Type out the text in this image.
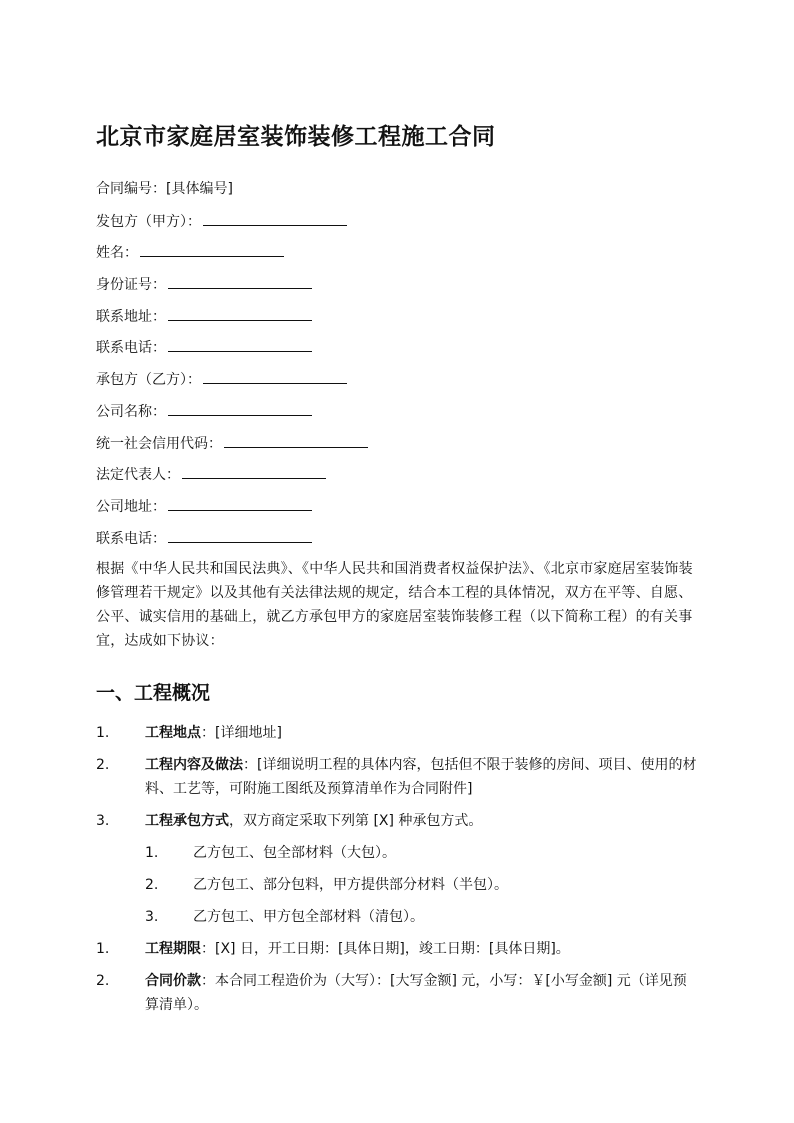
北京市家庭居室装饰装修工程施工合同
合同编号：[具体编号]
发包方（甲方）：
姓名：
身份证号：
联系地址：
联系电话：
承包方（乙方）：
公司名称：
统一社会信用代码：
法定代表人：
公司地址：
联系电话：

根据《中华人民共和国民法典》、《中华人民共和国消费者权益保护法》、《北京市家庭居室装饰装修管理若干规定》以及其他有关法律法规的规定，结合本工程的具体情况，双方在平等、自愿、公平、诚实信用的基础上，就乙方承包甲方的家庭居室装饰装修工程（以下简称工程）的有关事宜，达成如下协议：

一、工程概况
1.	工程地点：[详细地址]
2.	工程内容及做法：[详细说明工程的具体内容，包括但不限于装修的房间、项目、使用的材料、工艺等，可附施工图纸及预算清单作为合同附件]
3.	工程承包方式，双方商定采取下列第 [X] 种承包方式。
1.	乙方包工、包全部材料（大包）。
2.	乙方包工、部分包料，甲方提供部分材料（半包）。
3.	乙方包工、甲方包全部材料（清包）。
1.	工程期限：[X] 日，开工日期：[具体日期]，竣工日期：[具体日期]。
2.	合同价款：本合同工程造价为（大写）：[大写金额] 元，小写：￥[小写金额] 元（详见预算清单）。
